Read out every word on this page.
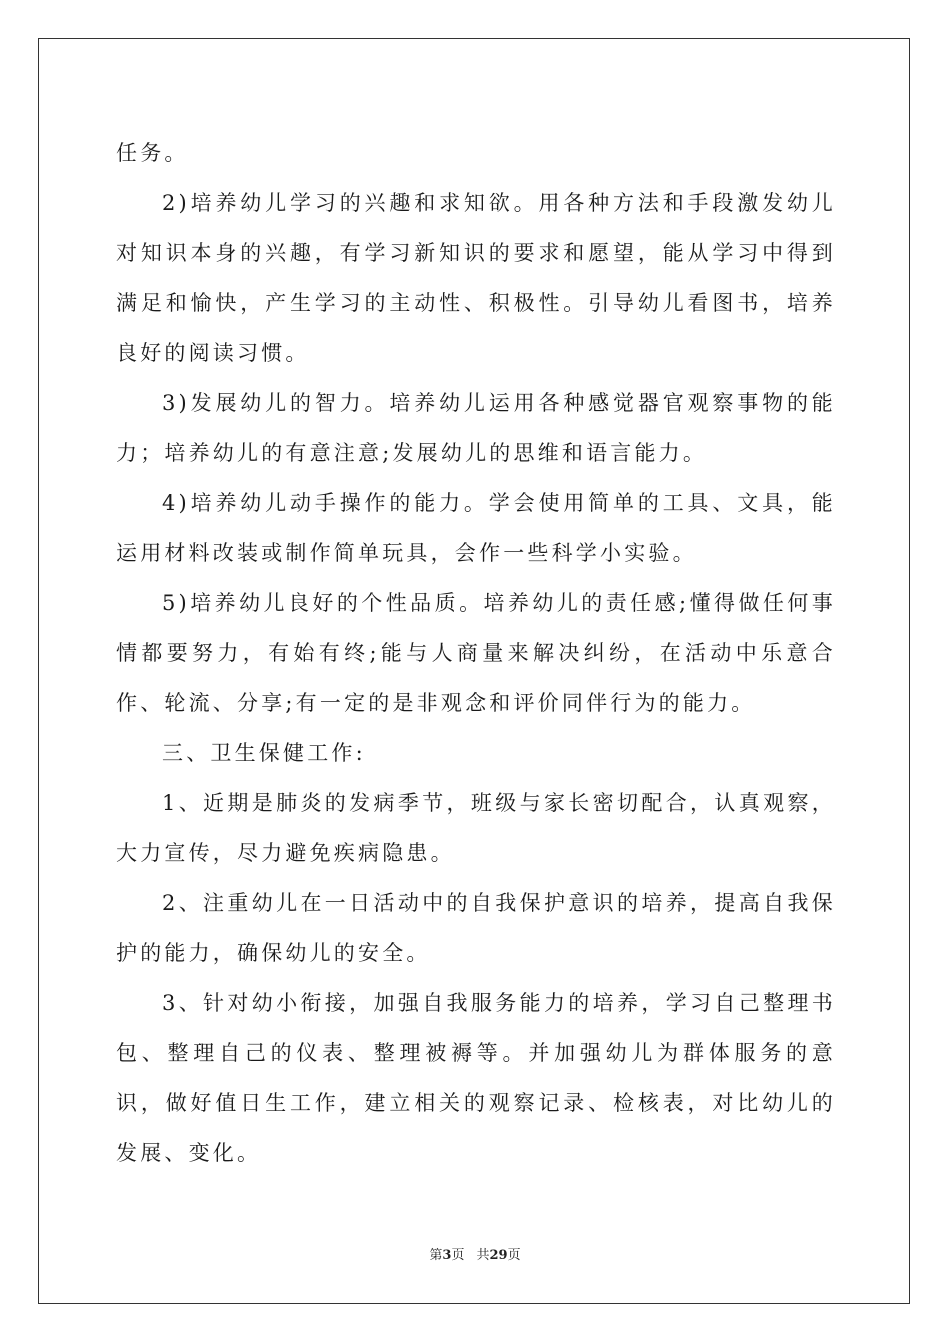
任务。

2)培养幼儿学习的兴趣和求知欲。用各种方法和手段激发幼儿对知识本身的兴趣，有学习新知识的要求和愿望，能从学习中得到满足和愉快，产生学习的主动性、积极性。引导幼儿看图书，培养良好的阅读习惯。

3)发展幼儿的智力。培养幼儿运用各种感觉器官观察事物的能力；培养幼儿的有意注意;发展幼儿的思维和语言能力。

4)培养幼儿动手操作的能力。学会使用简单的工具、文具，能运用材料改装或制作简单玩具，会作一些科学小实验。

5)培养幼儿良好的个性品质。培养幼儿的责任感;懂得做任何事情都要努力，有始有终;能与人商量来解决纠纷，在活动中乐意合作、轮流、分享;有一定的是非观念和评价同伴行为的能力。

三、卫生保健工作:

1、近期是肺炎的发病季节，班级与家长密切配合，认真观察，大力宣传，尽力避免疾病隐患。

2、注重幼儿在一日活动中的自我保护意识的培养，提高自我保护的能力，确保幼儿的安全。

3、针对幼小衔接，加强自我服务能力的培养，学习自己整理书包、整理自己的仪表、整理被褥等。并加强幼儿为群体服务的意识，做好值日生工作，建立相关的观察记录、检核表，对比幼儿的发展、变化。

第3页 共29页
